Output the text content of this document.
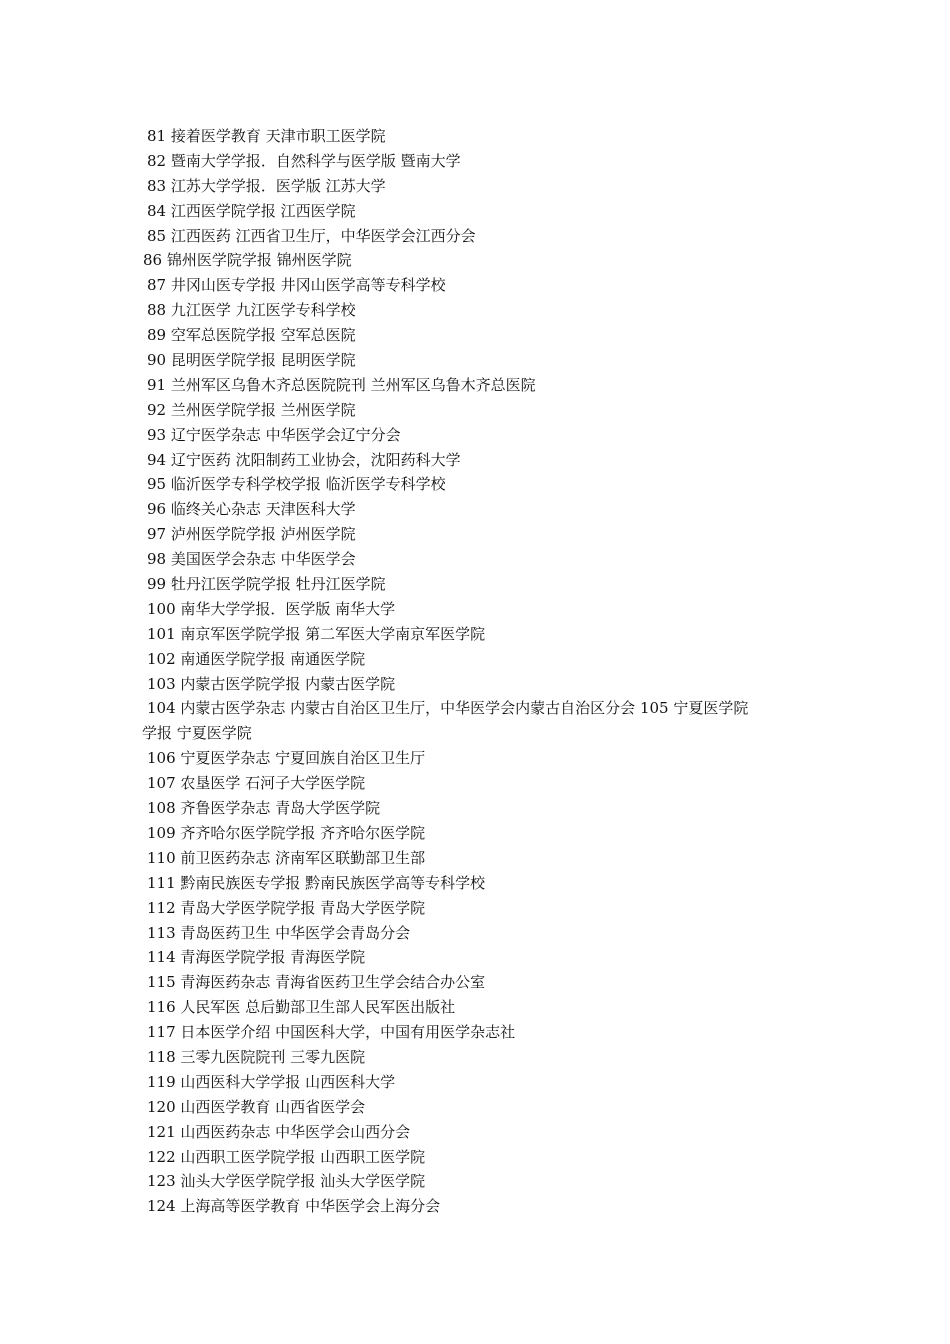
81 接着医学教育 天津市职工医学院
82 暨南大学学报．自然科学与医学版 暨南大学
83 江苏大学学报．医学版 江苏大学
84 江西医学院学报 江西医学院
85 江西医药 江西省卫生厅，中华医学会江西分会
86 锦州医学院学报 锦州医学院
87 井冈山医专学报 井冈山医学高等专科学校
88 九江医学 九江医学专科学校
89 空军总医院学报 空军总医院
90 昆明医学院学报 昆明医学院
91 兰州军区乌鲁木齐总医院院刊 兰州军区乌鲁木齐总医院
92 兰州医学院学报 兰州医学院
93 辽宁医学杂志 中华医学会辽宁分会
94 辽宁医药 沈阳制药工业协会，沈阳药科大学
95 临沂医学专科学校学报 临沂医学专科学校
96 临终关心杂志 天津医科大学
97 泸州医学院学报 泸州医学院
98 美国医学会杂志 中华医学会
99 牡丹江医学院学报 牡丹江医学院
100 南华大学学报．医学版 南华大学
101 南京军医学院学报 第二军医大学南京军医学院
102 南通医学院学报 南通医学院
103 内蒙古医学院学报 内蒙古医学院
104 内蒙古医学杂志 内蒙古自治区卫生厅，中华医学会内蒙古自治区分会 105 宁夏医学院
学报 宁夏医学院
106 宁夏医学杂志 宁夏回族自治区卫生厅
107 农垦医学 石河子大学医学院
108 齐鲁医学杂志 青岛大学医学院
109 齐齐哈尔医学院学报 齐齐哈尔医学院
110 前卫医药杂志 济南军区联勤部卫生部
111 黔南民族医专学报 黔南民族医学高等专科学校
112 青岛大学医学院学报 青岛大学医学院
113 青岛医药卫生 中华医学会青岛分会
114 青海医学院学报 青海医学院
115 青海医药杂志 青海省医药卫生学会结合办公室
116 人民军医 总后勤部卫生部人民军医出版社
117 日本医学介绍 中国医科大学，中国有用医学杂志社
118 三零九医院院刊 三零九医院
119 山西医科大学学报 山西医科大学
120 山西医学教育 山西省医学会
121 山西医药杂志 中华医学会山西分会
122 山西职工医学院学报 山西职工医学院
123 汕头大学医学院学报 汕头大学医学院
124 上海高等医学教育 中华医学会上海分会
